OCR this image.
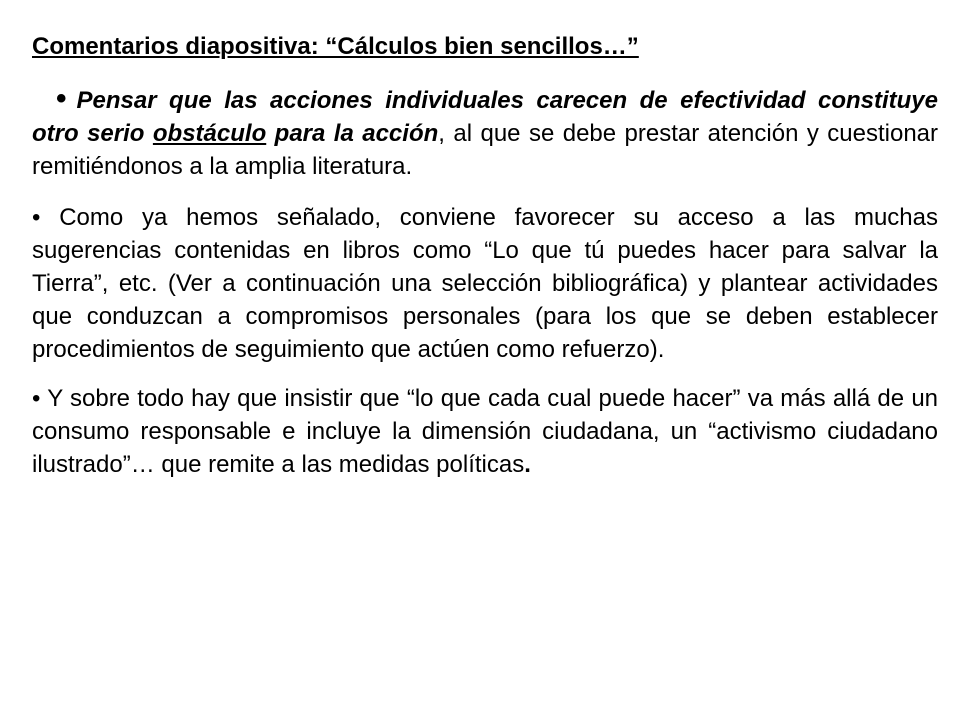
Comentarios diapositiva: “Cálculos bien sencillos…”

• Pensar que las acciones individuales carecen de efectividad constituye otro serio obstáculo para la acción, al que se debe prestar atención y cuestionar remitiéndonos a la amplia literatura.

• Como ya hemos señalado, conviene favorecer su acceso a las muchas sugerencias contenidas en libros como “Lo que tú puedes hacer para salvar la Tierra”, etc. (Ver a continuación una selección bibliográfica) y plantear actividades que conduzcan a compromisos personales (para los que se deben establecer procedimientos de seguimiento que actúen como refuerzo).

• Y sobre todo hay que insistir que “lo que cada cual puede hacer” va más allá de un consumo responsable e incluye la dimensión ciudadana, un “activismo ciudadano ilustrado”… que remite a las medidas políticas.
